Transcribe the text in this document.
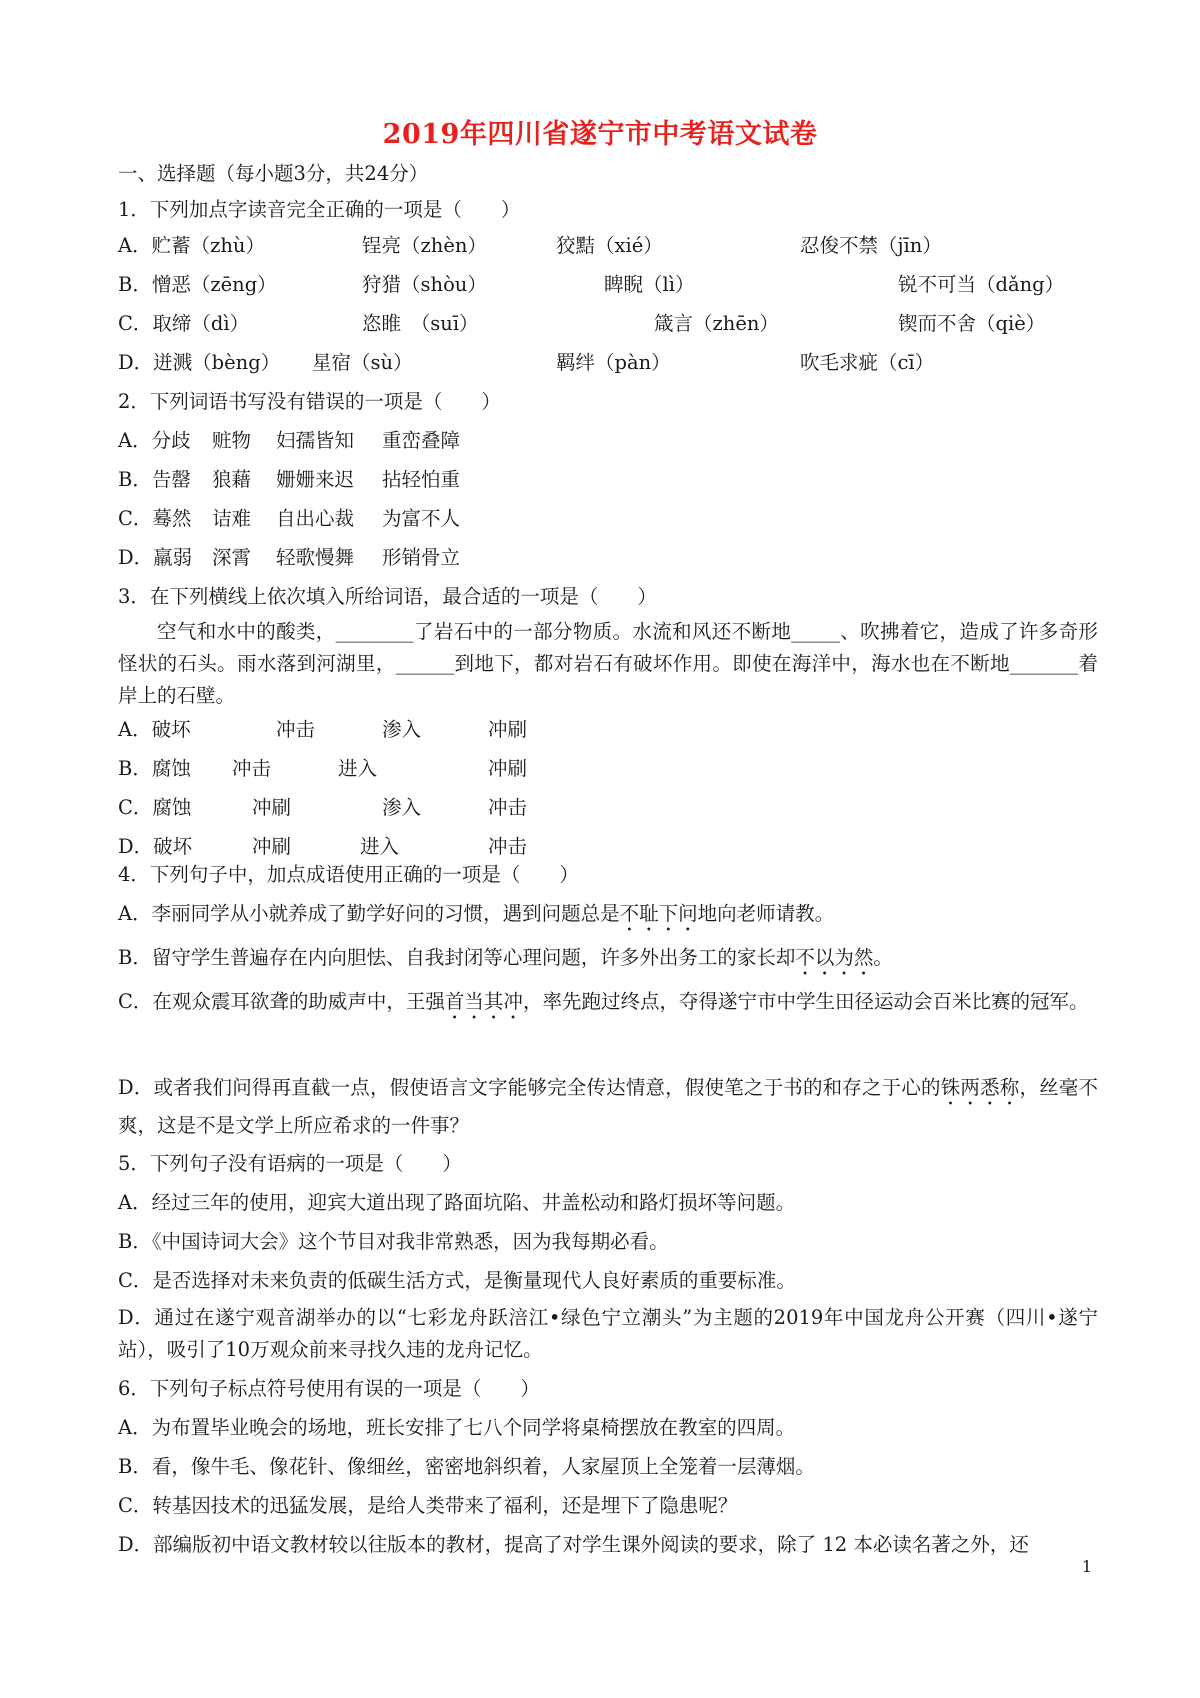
2019年四川省遂宁市中考语文试卷
一、选择题（每小题3分，共24分）
1．下列加点字读音完全正确的一项是（　　）
A．贮蓄（zhù）	锃亮（zhèn）	狡黠（xié）	忍俊不禁（jīn）
B．憎恶（zēng）	狩猎（shòu）	睥睨（lì）	锐不可当（dǎng）
C．取缔（dì）	恣睢　（suī）	箴言（zhēn）	锲而不舍（qiè）
D．迸溅（bèng） 星宿（sù）	羁绊（pàn）	吹毛求疵（cī）
2．下列词语书写没有错误的一项是（　　）
A．分歧 赃物 妇孺皆知 重峦叠障
B．告罄 狼藉 姗姗来迟 拈轻怕重
C．蓦然 诘难 自出心裁 为富不人
D．羸弱 深霄 轻歌慢舞 形销骨立
3．在下列横线上依次填入所给词语，最合适的一项是（　　）

空气和水中的酸类，________了岩石中的一部分物质。水流和风还不断地_____、吹拂着它，造成了许多奇形怪状的石头。雨水落到河湖里，______到地下，都对岩石有破坏作用。即使在海洋中，海水也在不断地_______着岸上的石壁。

A．破坏	冲击	渗入	冲刷
B．腐蚀 冲击	进入	冲刷
C．腐蚀	冲刷	渗入	冲击
D．破坏	冲刷	进入	冲击
4．下列句子中，加点成语使用正确的一项是（　　）
A．李丽同学从小就养成了勤学好问的习惯，遇到问题总是不耻下问地向老师请教。
B．留守学生普遍存在内向胆怯、自我封闭等心理问题，许多外出务工的家长却不以为然。

C．在观众震耳欲聋的助威声中，王强首当其冲，率先跑过终点，夺得遂宁市中学生田径运动会百米比赛的冠军。

D．或者我们问得再直截一点，假使语言文字能够完全传达情意，假使笔之于书的和存之于心的铢两悉称，丝毫不爽，这是不是文学上所应希求的一件事？

5．下列句子没有语病的一项是（　　）
A．经过三年的使用，迎宾大道出现了路面坑陷、井盖松动和路灯损坏等问题。
B．《中国诗词大会》这个节目对我非常熟悉，因为我每期必看。
C．是否选择对未来负责的低碳生活方式，是衡量现代人良好素质的重要标准。

D．通过在遂宁观音湖举办的以“七彩龙舟跃涪江•绿色宁立潮头”为主题的2019年中国龙舟公开赛（四川•遂宁站），吸引了10万观众前来寻找久违的龙舟记忆。

6．下列句子标点符号使用有误的一项是（　　）
A．为布置毕业晚会的场地，班长安排了七八个同学将桌椅摆放在教室的四周。
B．看，像牛毛、像花针、像细丝，密密地斜织着，人家屋顶上全笼着一层薄烟。
C．转基因技术的迅猛发展，是给人类带来了福利，还是埋下了隐患呢？
D．部编版初中语文教材较以往版本的教材，提高了对学生课外阅读的要求，除了 12 本必读名著之外，还
1
